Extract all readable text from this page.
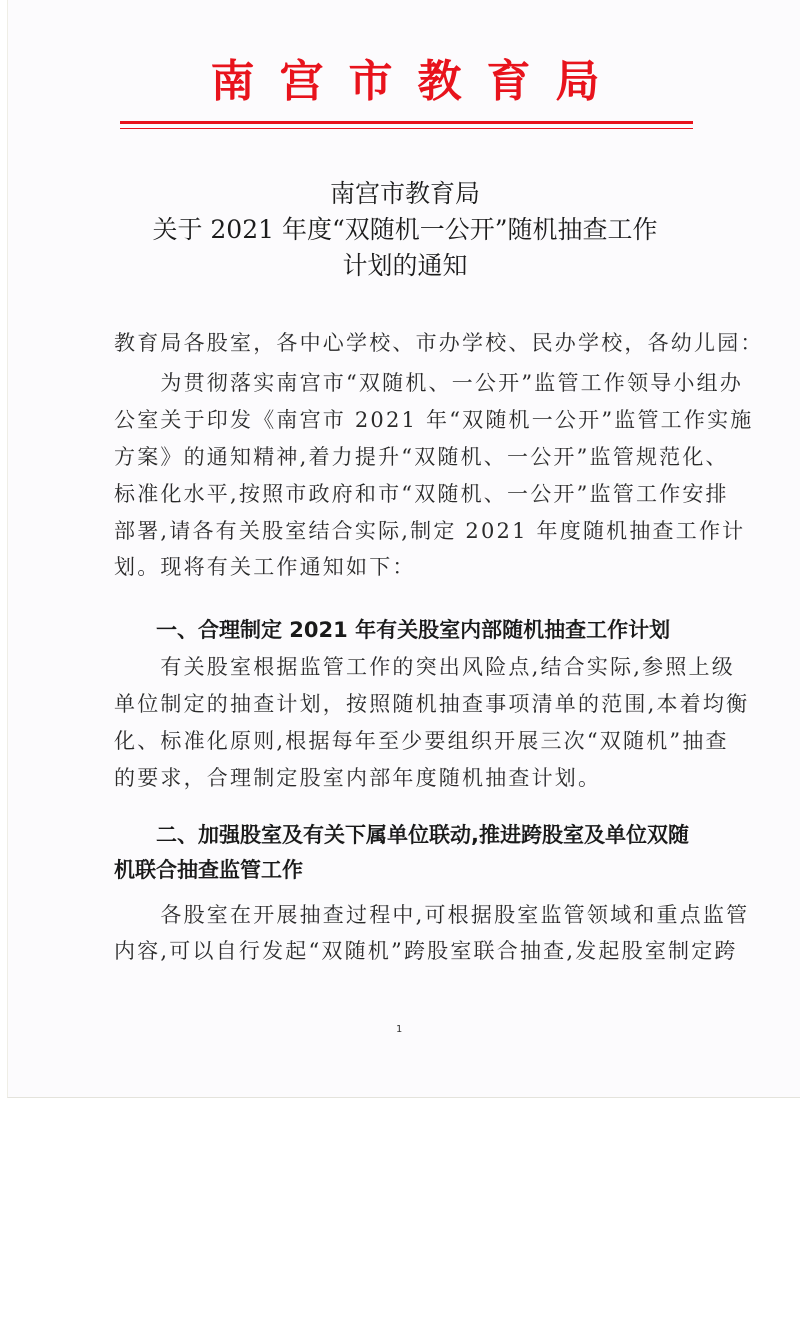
南宫市教育局
南宫市教育局
关于 2021 年度“双随机一公开”随机抽查工作
计划的通知
教育局各股室，各中心学校、市办学校、民办学校，各幼儿园：
　　为贯彻落实南宫市“双随机、一公开”监管工作领导小组办
公室关于印发《南宫市 2021 年“双随机一公开”监管工作实施
方案》的通知精神,着力提升“双随机、一公开”监管规范化、
标准化水平,按照市政府和市“双随机、一公开”监管工作安排
部署,请各有关股室结合实际,制定 2021 年度随机抽查工作计
划。现将有关工作通知如下：
　　一、合理制定 2021 年有关股室内部随机抽查工作计划
　　有关股室根据监管工作的突出风险点,结合实际,参照上级
单位制定的抽查计划，按照随机抽查事项清单的范围,本着均衡
化、标准化原则,根据每年至少要组织开展三次“双随机”抽查
的要求，合理制定股室内部年度随机抽查计划。
　　二、加强股室及有关下属单位联动,推进跨股室及单位双随
机联合抽查监管工作
　　各股室在开展抽查过程中,可根据股室监管领域和重点监管
内容,可以自行发起“双随机”跨股室联合抽查,发起股室制定跨
1
